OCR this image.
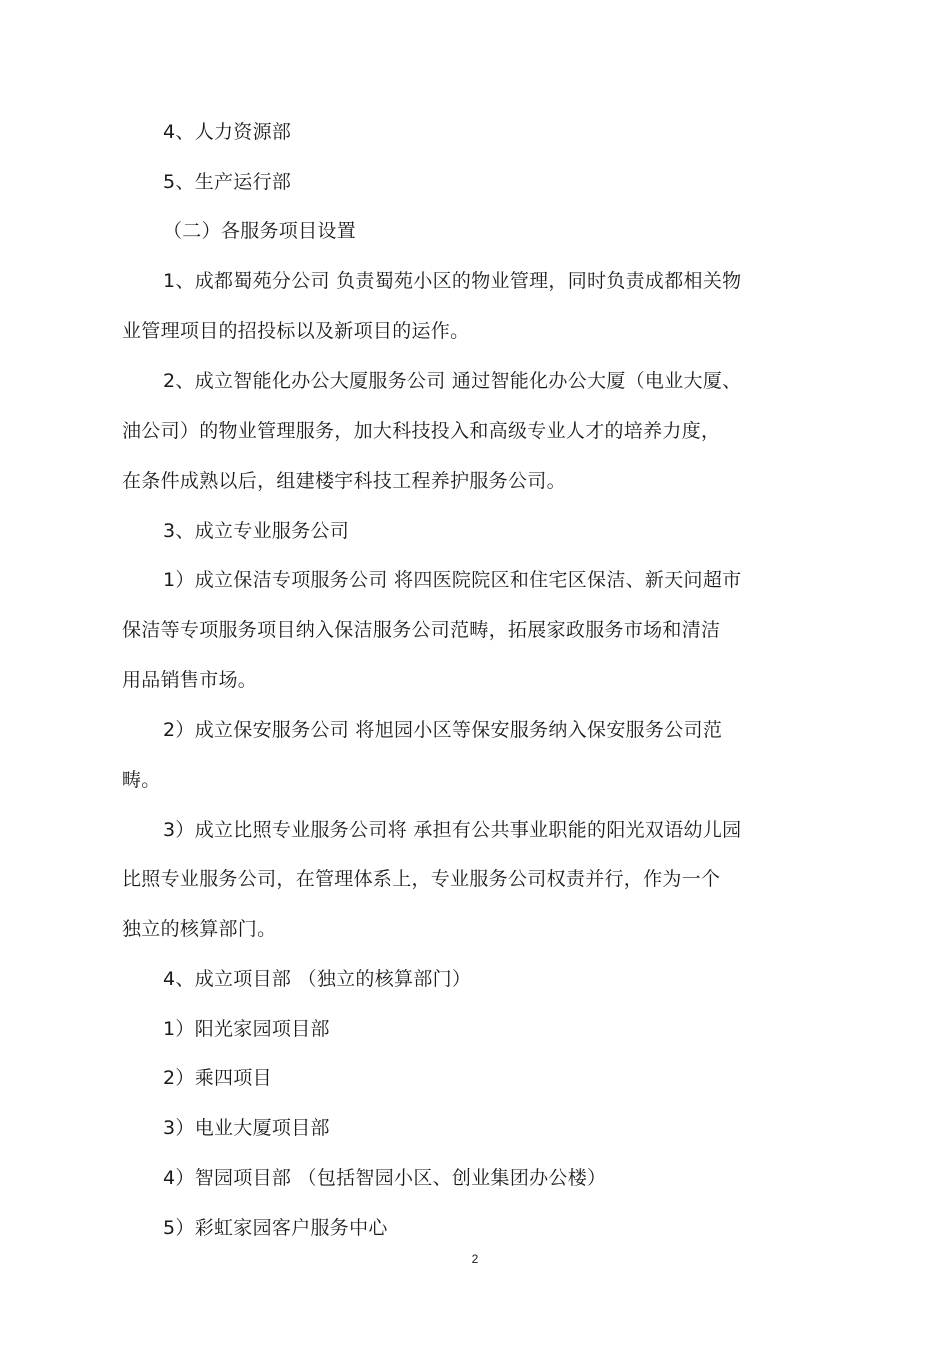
4、人力资源部
5、生产运行部
（二）各服务项目设置
1、成都蜀苑分公司 负责蜀苑小区的物业管理，同时负责成都相关物
业管理项目的招投标以及新项目的运作。
2、成立智能化办公大厦服务公司 通过智能化办公大厦（电业大厦、
油公司）的物业管理服务，加大科技投入和高级专业人才的培养力度，
在条件成熟以后，组建楼宇科技工程养护服务公司。
3、成立专业服务公司
1）成立保洁专项服务公司 将四医院院区和住宅区保洁、新天问超市
保洁等专项服务项目纳入保洁服务公司范畴，拓展家政服务市场和清洁
用品销售市场。
2）成立保安服务公司 将旭园小区等保安服务纳入保安服务公司范
畴。
3）成立比照专业服务公司将 承担有公共事业职能的阳光双语幼儿园
比照专业服务公司，在管理体系上，专业服务公司权责并行，作为一个
独立的核算部门。
4、成立项目部 （独立的核算部门）
1）阳光家园项目部
2）乘四项目
3）电业大厦项目部
4）智园项目部 （包括智园小区、创业集团办公楼）
5）彩虹家园客户服务中心
2
